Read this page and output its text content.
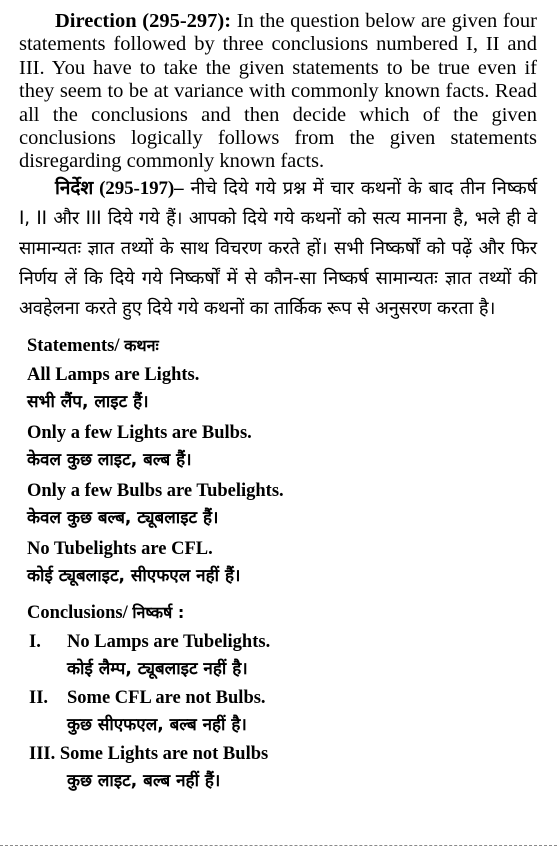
Direction (295-297): In the question below are given four statements followed by three conclusions numbered I, II and III. You have to take the given statements to be true even if they seem to be at variance with commonly known facts. Read all the conclusions and then decide which of the given conclusions logically follows from the given statements disregarding commonly known facts.

निर्देश (295-197)– नीचे दिये गये प्रश्न में चार कथनों के बाद तीन निष्कर्ष I, II और III दिये गये हैं। आपको दिये गये कथनों को सत्य मानना है, भले ही वे सामान्यतः ज्ञात तथ्यों के साथ विचरण करते हों। सभी निष्कर्षों को पढ़ें और फिर निर्णय लें कि दिये गये निष्कर्षों में से कौन-सा निष्कर्ष सामान्यतः ज्ञात तथ्यों की अवहेलना करते हुए दिये गये कथनों का तार्किक रूप से अनुसरण करता है।

Statements/ कथनः
All Lamps are Lights.
सभी लैंप, लाइट हैं।
Only a few Lights are Bulbs.
केवल कुछ लाइट, बल्ब हैं।
Only a few Bulbs are Tubelights.
केवल कुछ बल्ब, ट्यूबलाइट हैं।
No Tubelights are CFL.
कोई ट्यूबलाइट, सीएफएल नहीं हैं।
Conclusions/ निष्कर्ष :
I. No Lamps are Tubelights.
कोई लैम्प, ट्यूबलाइट नहीं है।
II. Some CFL are not Bulbs.
कुछ सीएफएल, बल्ब नहीं है।
III. Some Lights are not Bulbs
कुछ लाइट, बल्ब नहीं हैं।
